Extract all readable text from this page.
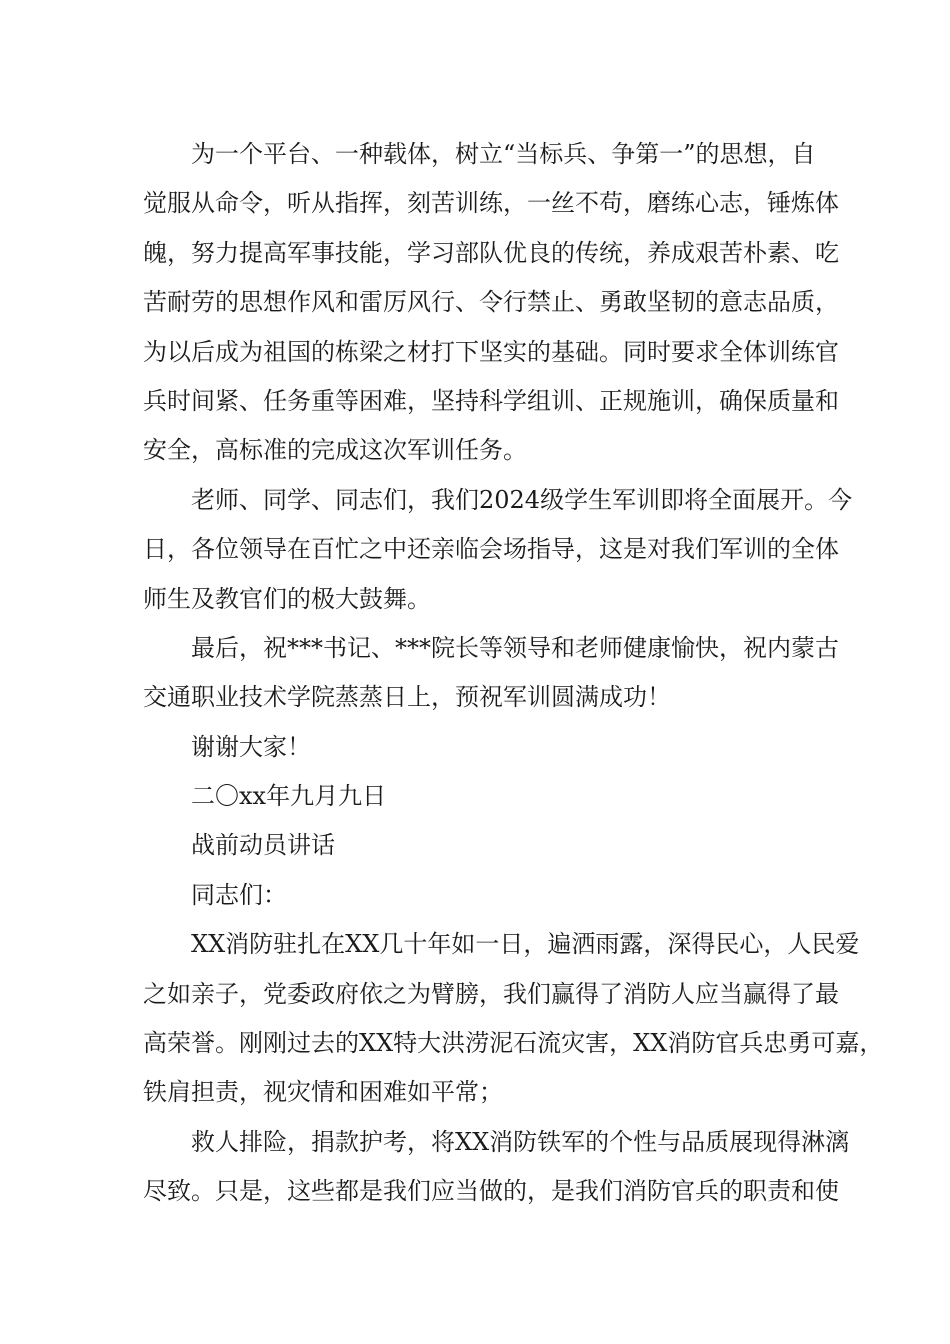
为一个平台、一种载体，树立“当标兵、争第一”的思想，自
觉服从命令，听从指挥，刻苦训练，一丝不苟，磨练心志，锤炼体
魄，努力提高军事技能，学习部队优良的传统，养成艰苦朴素、吃
苦耐劳的思想作风和雷厉风行、令行禁止、勇敢坚韧的意志品质，
为以后成为祖国的栋梁之材打下坚实的基础。同时要求全体训练官
兵时间紧、任务重等困难，坚持科学组训、正规施训，确保质量和
安全，高标准的完成这次军训任务。
老师、同学、同志们，我们2024级学生军训即将全面展开。今
日，各位领导在百忙之中还亲临会场指导，这是对我们军训的全体
师生及教官们的极大鼓舞。
最后，祝***书记、***院长等领导和老师健康愉快，祝内蒙古
交通职业技术学院蒸蒸日上，预祝军训圆满成功！
谢谢大家！
二〇xx年九月九日
战前动员讲话
同志们：
XX消防驻扎在XX几十年如一日，遍洒雨露，深得民心，人民爱
之如亲子，党委政府依之为臂膀，我们赢得了消防人应当赢得了最
高荣誉。刚刚过去的XX特大洪涝泥石流灾害，XX消防官兵忠勇可嘉，
铁肩担责，视灾情和困难如平常；
救人排险，捐款护考，将XX消防铁军的个性与品质展现得淋漓
尽致。只是，这些都是我们应当做的，是我们消防官兵的职责和使
